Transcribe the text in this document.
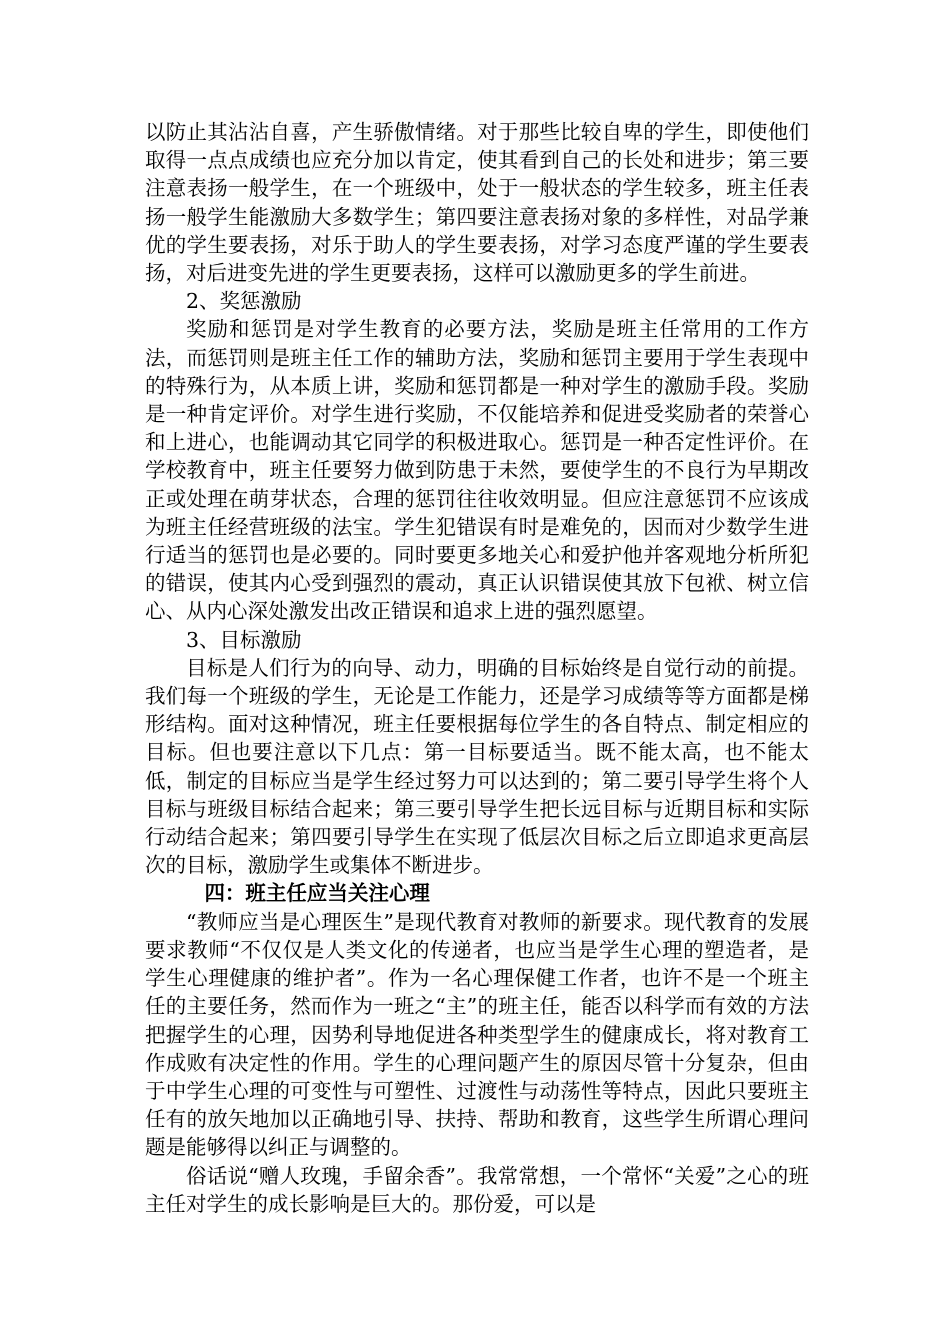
以防止其沾沾自喜，产生骄傲情绪。对于那些比较自卑的学生，即使他们取得一点点成绩也应充分加以肯定，使其看到自己的长处和进步；第三要注意表扬一般学生，在一个班级中，处于一般状态的学生较多，班主任表扬一般学生能激励大多数学生；第四要注意表扬对象的多样性，对品学兼优的学生要表扬，对乐于助人的学生要表扬，对学习态度严谨的学生要表扬，对后进变先进的学生更要表扬，这样可以激励更多的学生前进。

2、奖惩激励

奖励和惩罚是对学生教育的必要方法，奖励是班主任常用的工作方法，而惩罚则是班主任工作的辅助方法，奖励和惩罚主要用于学生表现中的特殊行为，从本质上讲，奖励和惩罚都是一种对学生的激励手段。奖励是一种肯定评价。对学生进行奖励，不仅能培养和促进受奖励者的荣誉心和上进心，也能调动其它同学的积极进取心。惩罚是一种否定性评价。在学校教育中，班主任要努力做到防患于未然，要使学生的不良行为早期改正或处理在萌芽状态，合理的惩罚往往收效明显。但应注意惩罚不应该成为班主任经营班级的法宝。学生犯错误有时是难免的，因而对少数学生进行适当的惩罚也是必要的。同时要更多地关心和爱护他并客观地分析所犯的错误，使其内心受到强烈的震动，真正认识错误使其放下包袱、树立信心、从内心深处激发出改正错误和追求上进的强烈愿望。

3、目标激励

目标是人们行为的向导、动力，明确的目标始终是自觉行动的前提。我们每一个班级的学生，无论是工作能力，还是学习成绩等等方面都是梯形结构。面对这种情况，班主任要根据每位学生的各自特点、制定相应的目标。但也要注意以下几点：第一目标要适当。既不能太高，也不能太低，制定的目标应当是学生经过努力可以达到的；第二要引导学生将个人目标与班级目标结合起来；第三要引导学生把长远目标与近期目标和实际行动结合起来；第四要引导学生在实现了低层次目标之后立即追求更高层次的目标，激励学生或集体不断进步。

四：班主任应当关注心理

“教师应当是心理医生”是现代教育对教师的新要求。现代教育的发展要求教师“不仅仅是人类文化的传递者，也应当是学生心理的塑造者，是学生心理健康的维护者”。作为一名心理保健工作者，也许不是一个班主任的主要任务，然而作为一班之“主”的班主任，能否以科学而有效的方法把握学生的心理，因势利导地促进各种类型学生的健康成长，将对教育工作成败有决定性的作用。学生的心理问题产生的原因尽管十分复杂，但由于中学生心理的可变性与可塑性、过渡性与动荡性等特点，因此只要班主任有的放矢地加以正确地引导、扶持、帮助和教育，这些学生所谓心理问题是能够得以纠正与调整的。

俗话说“赠人玫瑰，手留余香”。我常常想，一个常怀“关爱”之心的班主任对学生的成长影响是巨大的。那份爱，可以是
